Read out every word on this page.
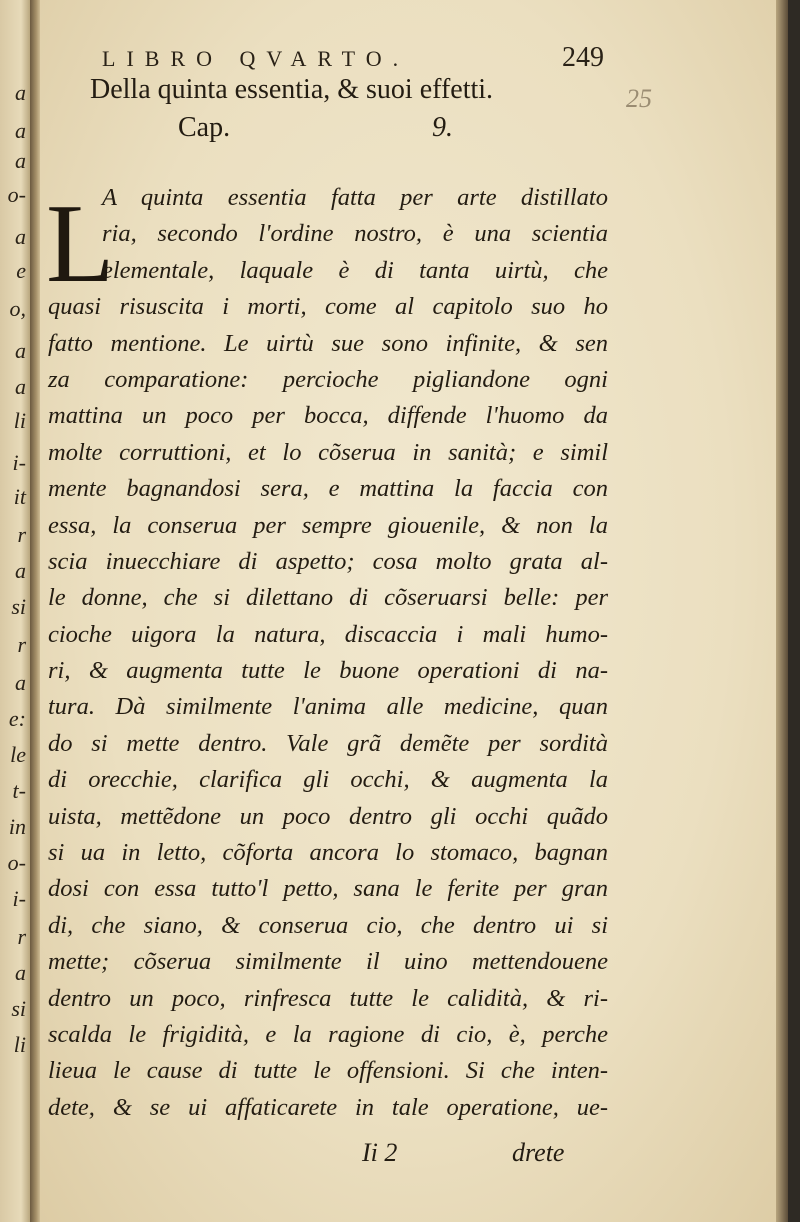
a
a
a
o-
a
e
o,
a
a
li
i-
it
r
a
si
r
a
e:
le
t-
in
o-
i-
r
a
si
li
LIBRO QVARTO.	249
25
Della quinta essentia, & suoi effetti.
Cap.	9.
L
A quinta essentia fatta per arte distillato
ria, secondo l'ordine nostro, è una scientia
elementale, laquale è di tanta uirtù, che
quasi risuscita i morti, come al capitolo suo ho
fatto mentione. Le uirtù sue sono infinite, & sen
za comparatione: percioche pigliandone ogni
mattina un poco per bocca, diffende l'huomo da
molte corruttioni, et lo cõserua in sanità; e simil
mente bagnandosi sera, e mattina la faccia con
essa, la conserua per sempre giouenile, & non la
scia inuecchiare di aspetto; cosa molto grata al-
le donne, che si dilettano di cõseruarsi belle: per
cioche uigora la natura, discaccia i mali humo-
ri, & augmenta tutte le buone operationi di na-
tura. Dà similmente l'anima alle medicine, quan
do si mette dentro. Vale grã demẽte per sordità
di orecchie, clarifica gli occhi, & augmenta la
uista, mettẽdone un poco dentro gli occhi quãdo
si ua in letto, cõforta ancora lo stomaco, bagnan
dosi con essa tutto'l petto, sana le ferite per gran
di, che siano, & conserua cio, che dentro ui si
mette; cõserua similmente il uino mettendouene
dentro un poco, rinfresca tutte le calidità, & ri-
scalda le frigidità, e la ragione di cio, è, perche
lieua le cause di tutte le offensioni. Si che inten-
dete, & se ui affaticarete in tale operatione, ue-
Ii 2	drete
